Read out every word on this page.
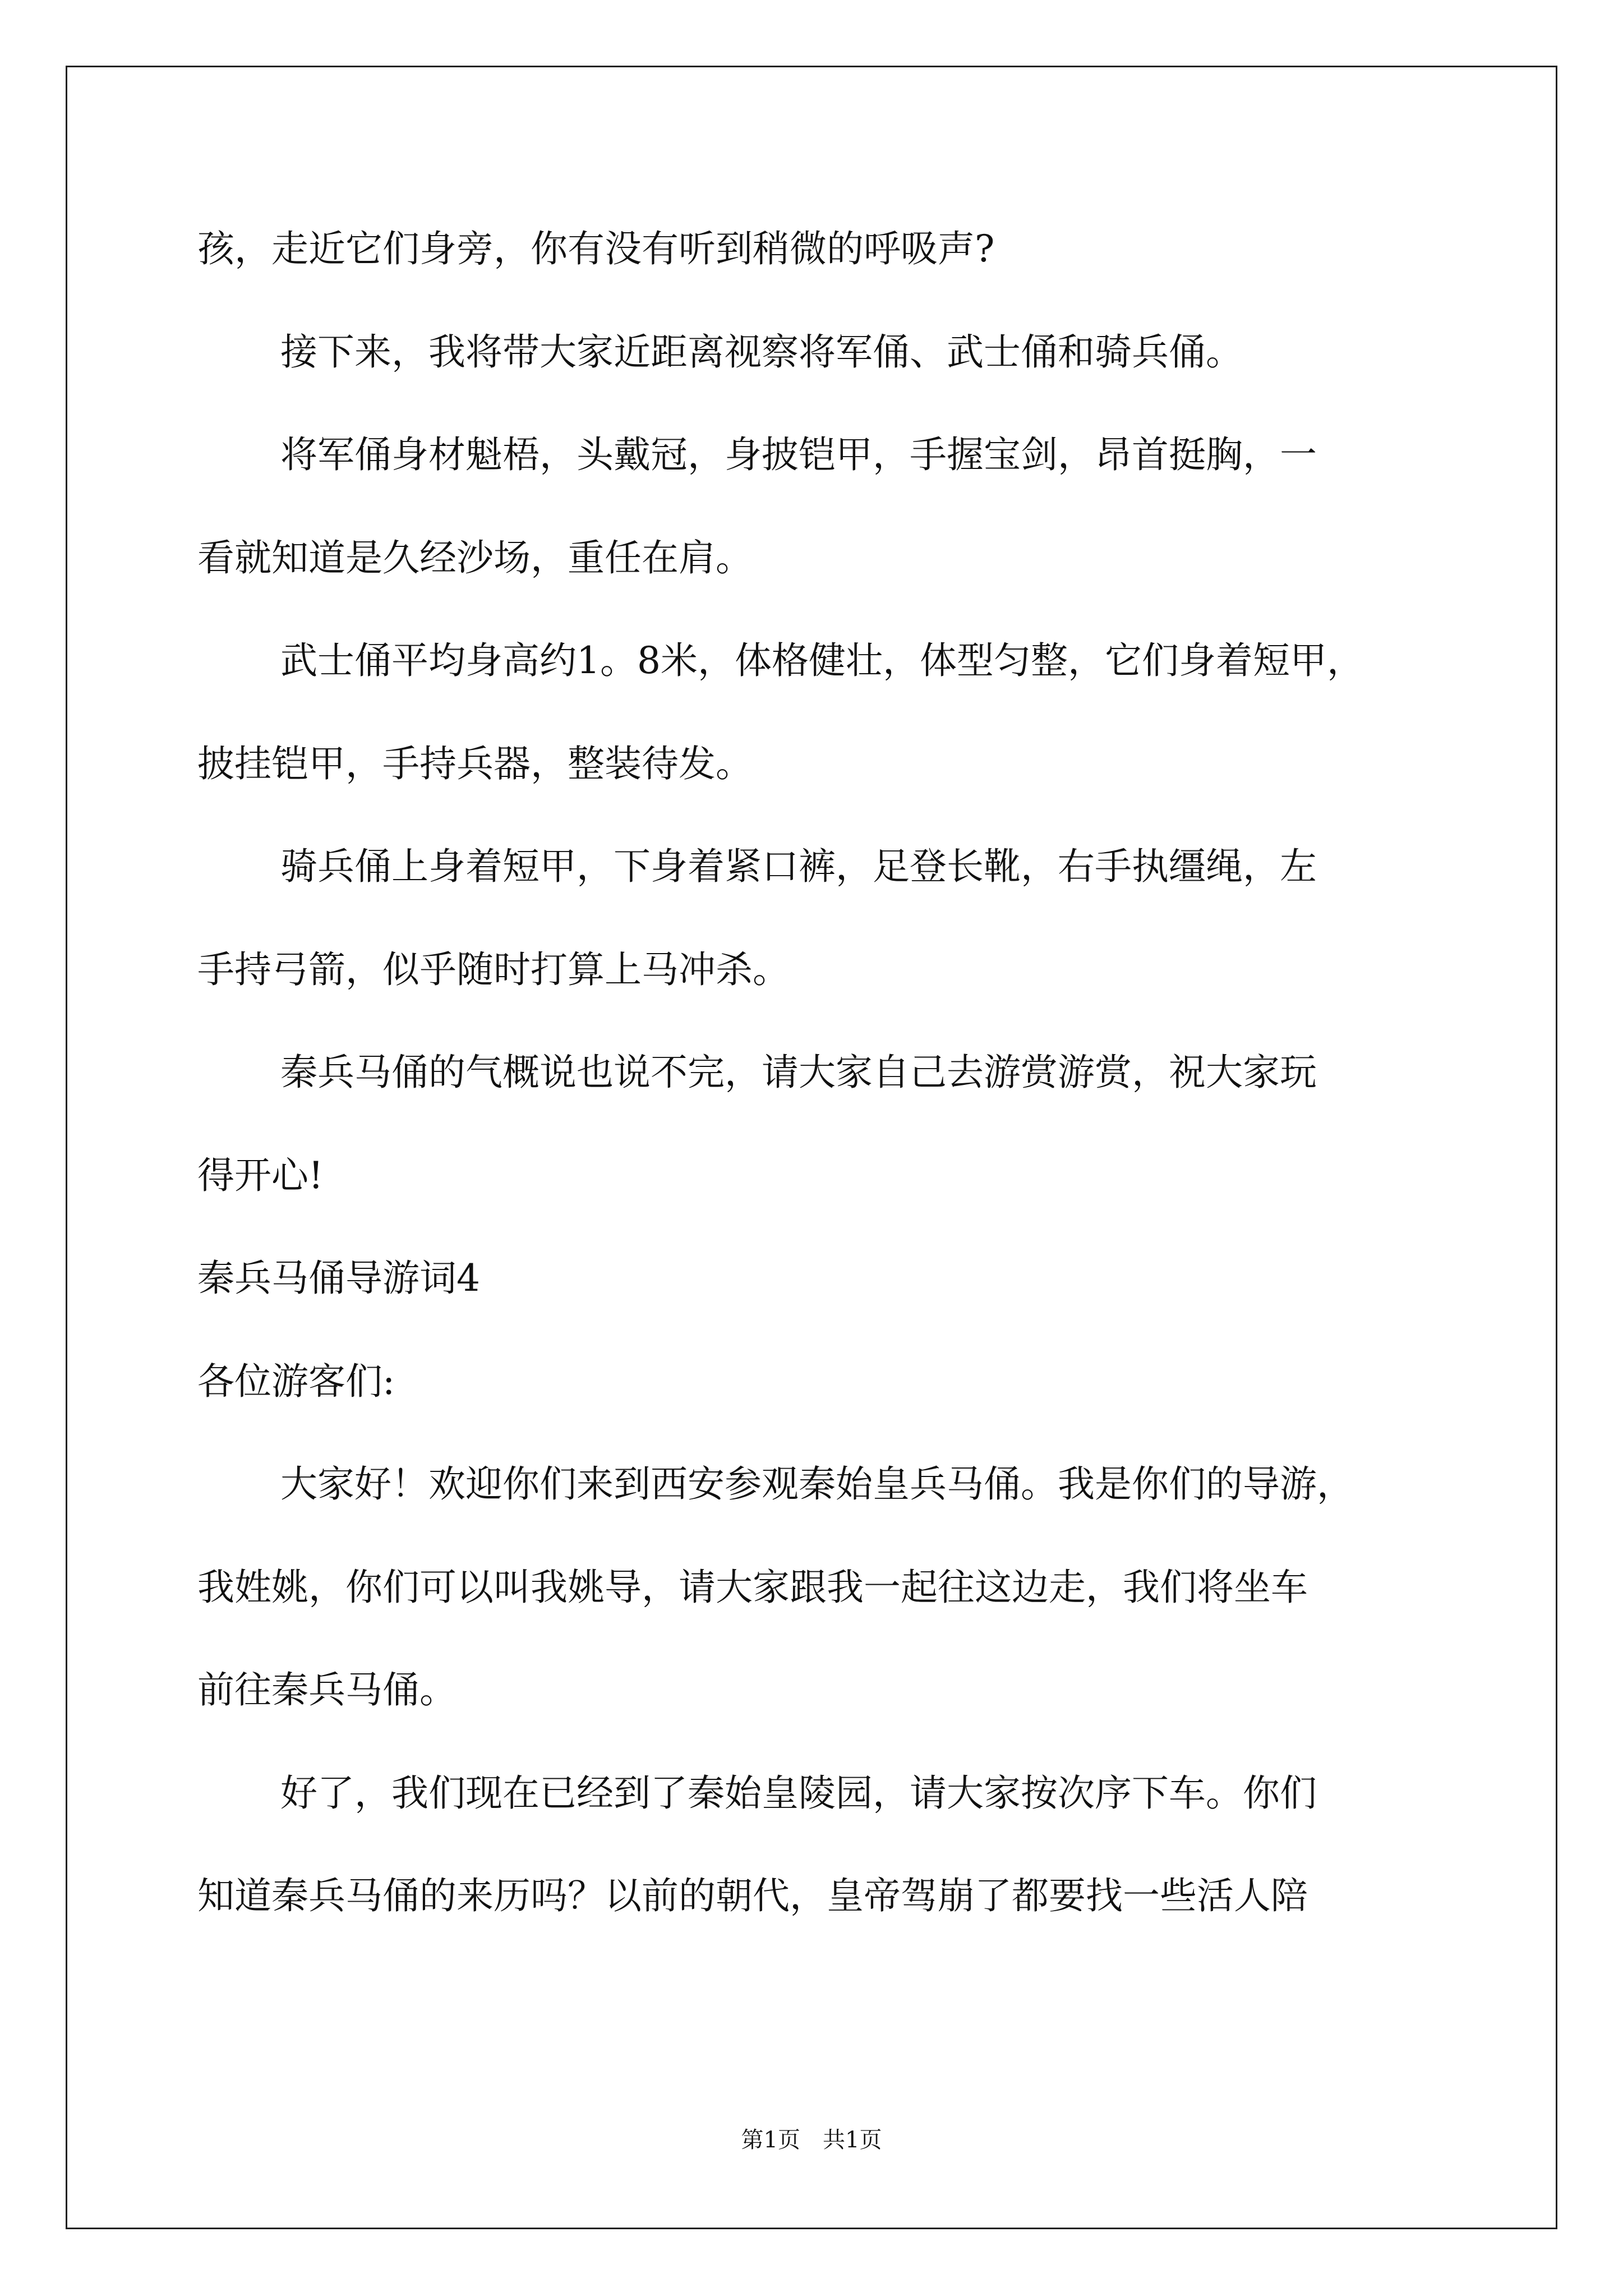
孩，走近它们身旁，你有没有听到稍微的呼吸声?
接下来，我将带大家近距离视察将军俑、武士俑和骑兵俑。
将军俑身材魁梧，头戴冠，身披铠甲，手握宝剑，昂首挺胸，一
看就知道是久经沙场，重任在肩。
武士俑平均身高约1。8米，体格健壮，体型匀整，它们身着短甲，
披挂铠甲，手持兵器，整装待发。
骑兵俑上身着短甲，下身着紧口裤，足登长靴，右手执缰绳，左
手持弓箭，似乎随时打算上马冲杀。
秦兵马俑的气概说也说不完，请大家自己去游赏游赏，祝大家玩
得开心!
秦兵马俑导游词4
各位游客们:
大家好！欢迎你们来到西安参观秦始皇兵马俑。我是你们的导游，
我姓姚，你们可以叫我姚导，请大家跟我一起往这边走，我们将坐车
前往秦兵马俑。
好了，我们现在已经到了秦始皇陵园，请大家按次序下车。你们
知道秦兵马俑的来历吗？以前的朝代，皇帝驾崩了都要找一些活人陪
第1页　共1页
